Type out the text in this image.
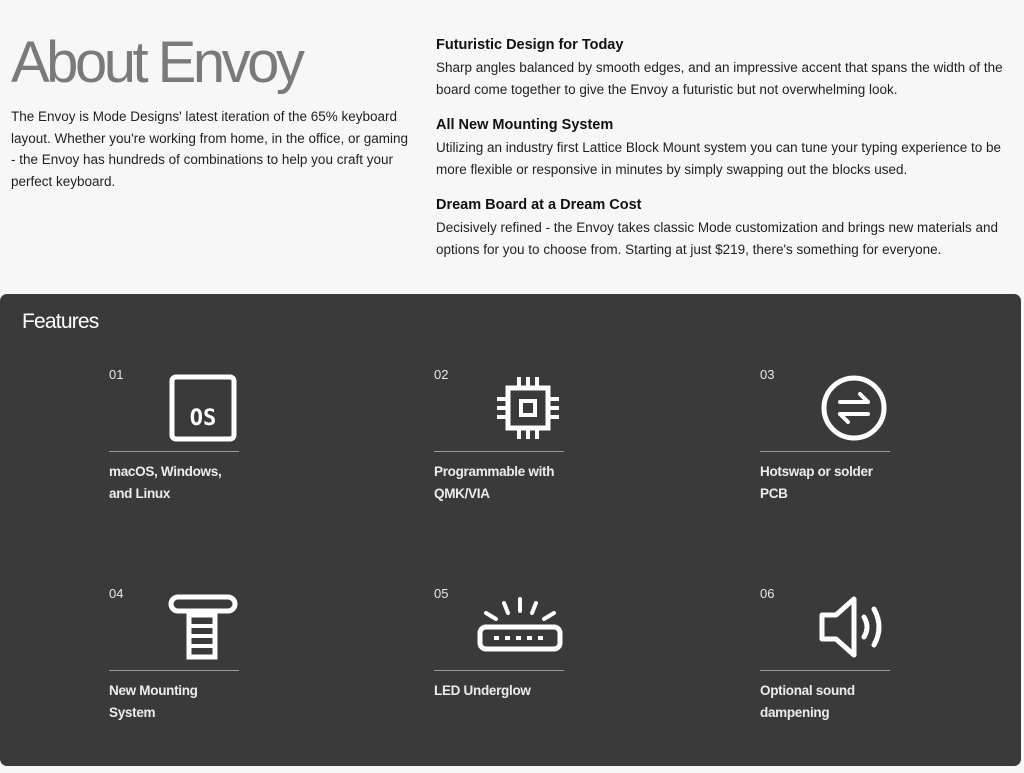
About Envoy

The Envoy is Mode Designs' latest iteration of the 65% keyboard layout. Whether you're working from home, in the office, or gaming - the Envoy has hundreds of combinations to help you craft your perfect keyboard.

Futuristic Design for Today

Sharp angles balanced by smooth edges, and an impressive accent that spans the width of the board come together to give the Envoy a futuristic but not overwhelming look.

All New Mounting System

Utilizing an industry first Lattice Block Mount system you can tune your typing experience to be more flexible or responsive in minutes by simply swapping out the blocks used.

Dream Board at a Dream Cost

Decisively refined - the Envoy takes classic Mode customization and brings new materials and options for you to choose from. Starting at just $219, there's something for everyone.

Features
01
OS
macOS, Windows, and Linux
02
Programmable with QMK/VIA
03
Hotswap or solder PCB
04
New Mounting System
05
LED Underglow
06
Optional sound dampening
